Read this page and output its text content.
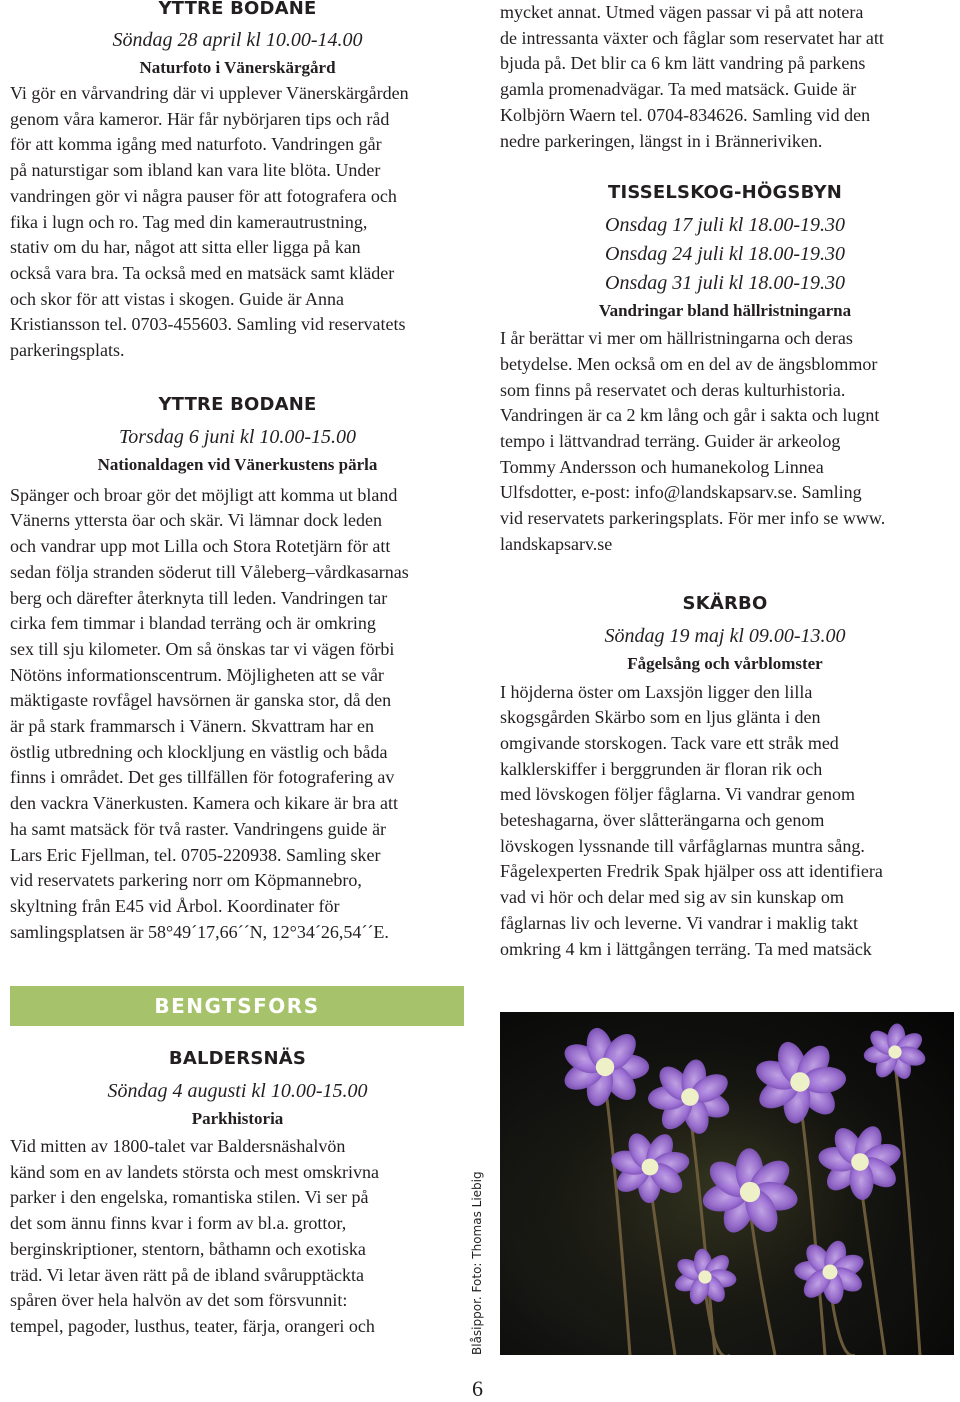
YTTRE BODANE
Söndag 28 april kl 10.00-14.00
Naturfoto i Vänerskärgård

Vi gör en vårvandring där vi upplever Vänerskärgården

genom våra kameror. Här får nybörjaren tips och råd

för att komma igång med naturfoto. Vandringen går

på naturstigar som ibland kan vara lite blöta. Under

vandringen gör vi några pauser för att fotografera och

fika i lugn och ro. Tag med din kamerautrustning,

stativ om du har, något att sitta eller ligga på kan

också vara bra. Ta också med en matsäck samt kläder

och skor för att vistas i skogen. Guide är Anna

Kristiansson tel. 0703-455603. Samling vid reservatets

parkeringsplats.

YTTRE BODANE
Torsdag 6 juni kl 10.00-15.00
Nationaldagen vid Vänerkustens pärla

Spänger och broar gör det möjligt att komma ut bland

Vänerns yttersta öar och skär. Vi lämnar dock leden

och vandrar upp mot Lilla och Stora Rotetjärn för att

sedan följa stranden söderut till Våleberg–vårdkasarnas

berg och därefter återknyta till leden. Vandringen tar

cirka fem timmar i blandad terräng och är omkring

sex till sju kilometer. Om så önskas tar vi vägen förbi

Nötöns informationscentrum. Möjligheten att se vår

mäktigaste rovfågel havsörnen är ganska stor, då den

är på stark frammarsch i Vänern. Skvattram har en

östlig utbredning och klockljung en västlig och båda

finns i området. Det ges tillfällen för fotografering av

den vackra Vänerkusten. Kamera och kikare är bra att

ha samt matsäck för två raster. Vandringens guide är

Lars Eric Fjellman, tel. 0705-220938. Samling sker

vid reservatets parkering norr om Köpmannebro,

skyltning från E45 vid Årbol. Koordinater för

samlingsplatsen är 58°49´17,66´´N, 12°34´26,54´´E.

BENGTSFORS
BALDERSNÄS
Söndag 4 augusti kl 10.00-15.00
Parkhistoria

Vid mitten av 1800-talet var Baldersnäshalvön

känd som en av landets största och mest omskrivna

parker i den engelska, romantiska stilen. Vi ser på

det som ännu finns kvar i form av bl.a. grottor,

berginskriptioner, stentorn, båthamn och exotiska

träd. Vi letar även rätt på de ibland svårupptäckta

spåren över hela halvön av det som försvunnit:

tempel, pagoder, lusthus, teater, färja, orangeri och

mycket annat. Utmed vägen passar vi på att notera

de intressanta växter och fåglar som reservatet har att

bjuda på. Det blir ca 6 km lätt vandring på parkens

gamla promenadvägar. Ta med matsäck. Guide är

Kolbjörn Waern tel. 0704-834626. Samling vid den

nedre parkeringen, längst in i Bränneriviken.

TISSELSKOG-HÖGSBYN
Onsdag 17 juli kl 18.00-19.30
Onsdag 24 juli kl 18.00-19.30
Onsdag 31 juli kl 18.00-19.30
Vandringar bland hällristningarna

I år berättar vi mer om hällristningarna och deras

betydelse. Men också om en del av de ängsblommor

som finns på reservatet och deras kulturhistoria.

Vandringen är ca 2 km lång och går i sakta och lugnt

tempo i lättvandrad terräng. Guider är arkeolog

Tommy Andersson och humanekolog Linnea

Ulfsdotter, e-post: info@landskapsarv.se. Samling

vid reservatets parkeringsplats. För mer info se www.

landskapsarv.se

SKÄRBO
Söndag 19 maj kl 09.00-13.00
Fågelsång och vårblomster

I höjderna öster om Laxsjön ligger den lilla

skogsgården Skärbo som en ljus glänta i den

omgivande storskogen. Tack vare ett stråk med

kalklerskiffer i berggrunden är floran rik och

med lövskogen följer fåglarna. Vi vandrar genom

beteshagarna, över slåtterängarna och genom

lövskogen lyssnande till vårfåglarnas muntra sång.

Fågelexperten Fredrik Spak hjälper oss att identifiera

vad vi hör och delar med sig av sin kunskap om

fåglarnas liv och leverne. Vi vandrar i maklig takt

omkring 4 km i lättgången terräng. Ta med matsäck

Blåsippor. Foto: Thomas Liebig
6
